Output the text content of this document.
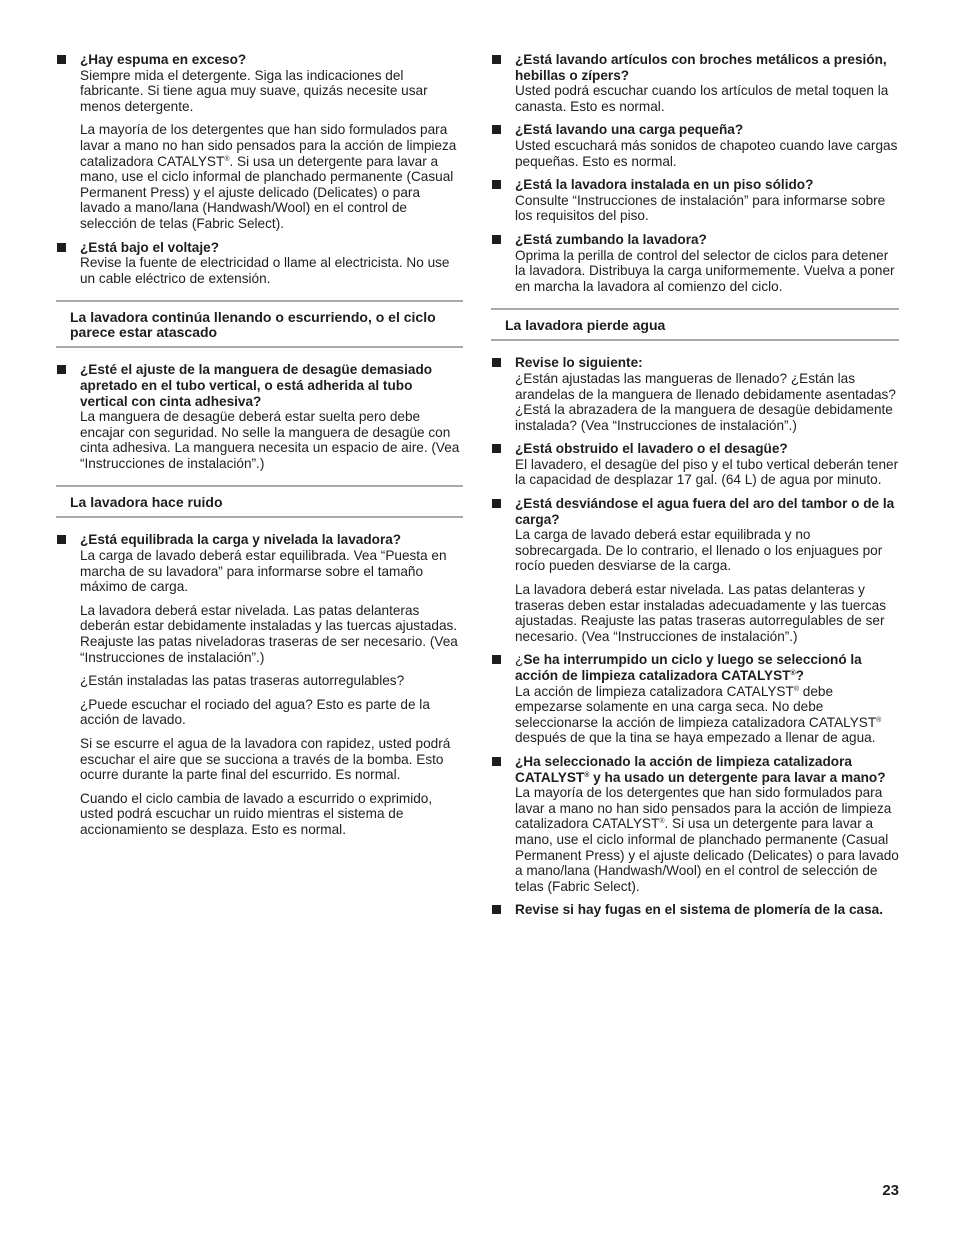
¿Hay espuma en exceso?

Siempre mida el detergente. Siga las indicaciones del fabricante. Si tiene agua muy suave, quizás necesite usar menos detergente.

La mayoría de los detergentes que han sido formulados para lavar a mano no han sido pensados para la acción de limpieza catalizadora CATALYST®. Si usa un detergente para lavar a mano, use el ciclo informal de planchado permanente (Casual Permanent Press) y el ajuste delicado (Delicates) o para lavado a mano/lana (Handwash/Wool) en el control de selección de telas (Fabric Select).

¿Está bajo el voltaje?

Revise la fuente de electricidad o llame al electricista. No use un cable eléctrico de extensión.

La lavadora continúa llenando o escurriendo, o el ciclo parece estar atascado
¿Esté el ajuste de la manguera de desagüe demasiado apretado en el tubo vertical, o está adherida al tubo vertical con cinta adhesiva?

La manguera de desagüe deberá estar suelta pero debe encajar con seguridad. No selle la manguera de desagüe con cinta adhesiva. La manguera necesita un espacio de aire. (Vea “Instrucciones de instalación”.)

La lavadora hace ruido
¿Está equilibrada la carga y nivelada la lavadora?

La carga de lavado deberá estar equilibrada. Vea “Puesta en marcha de su lavadora” para informarse sobre el tamaño máximo de carga.

La lavadora deberá estar nivelada. Las patas delanteras deberán estar debidamente instaladas y las tuercas ajustadas. Reajuste las patas niveladoras traseras de ser necesario. (Vea “Instrucciones de instalación”.)

¿Están instaladas las patas traseras autorregulables?

¿Puede escuchar el rociado del agua? Esto es parte de la acción de lavado.

Si se escurre el agua de la lavadora con rapidez, usted podrá escuchar el aire que se succiona a través de la bomba. Esto ocurre durante la parte final del escurrido. Es normal.

Cuando el ciclo cambia de lavado a escurrido o exprimido, usted podrá escuchar un ruido mientras el sistema de accionamiento se desplaza. Esto es normal.

¿Está lavando artículos con broches metálicos a presión, hebillas o zípers?

Usted podrá escuchar cuando los artículos de metal toquen la canasta. Esto es normal.

¿Está lavando una carga pequeña?

Usted escuchará más sonidos de chapoteo cuando lave cargas pequeñas. Esto es normal.

¿Está la lavadora instalada en un piso sólido?

Consulte “Instrucciones de instalación” para informarse sobre los requisitos del piso.

¿Está zumbando la lavadora?

Oprima la perilla de control del selector de ciclos para detener la lavadora. Distribuya la carga uniformemente. Vuelva a poner en marcha la lavadora al comienzo del ciclo.

La lavadora pierde agua
Revise lo siguiente:

¿Están ajustadas las mangueras de llenado? ¿Están las arandelas de la manguera de llenado debidamente asentadas? ¿Está la abrazadera de la manguera de desagüe debidamente instalada? (Vea “Instrucciones de instalación”.)

¿Está obstruido el lavadero o el desagüe?

El lavadero, el desagüe del piso y el tubo vertical deberán tener la capacidad de desplazar 17 gal. (64 L) de agua por minuto.

¿Está desviándose el agua fuera del aro del tambor o de la carga?

La carga de lavado deberá estar equilibrada y no sobrecargada. De lo contrario, el llenado o los enjuagues por rocío pueden desviarse de la carga.

La lavadora deberá estar nivelada. Las patas delanteras y traseras deben estar instaladas adecuadamente y las tuercas ajustadas. Reajuste las patas traseras autorregulables de ser necesario. (Vea “Instrucciones de instalación”.)

¿Se ha interrumpido un ciclo y luego se seleccionó la acción de limpieza catalizadora CATALYST®?

La acción de limpieza catalizadora CATALYST® debe empezarse solamente en una carga seca. No debe seleccionarse la acción de limpieza catalizadora CATALYST® después de que la tina se haya empezado a llenar de agua.

¿Ha seleccionado la acción de limpieza catalizadora CATALYST® y ha usado un detergente para lavar a mano?

La mayoría de los detergentes que han sido formulados para lavar a mano no han sido pensados para la acción de limpieza catalizadora CATALYST®. Si usa un detergente para lavar a mano, use el ciclo informal de planchado permanente (Casual Permanent Press) y el ajuste delicado (Delicates) o para lavado a mano/lana (Handwash/Wool) en el control de selección de telas (Fabric Select).

Revise si hay fugas en el sistema de plomería de la casa.
23
